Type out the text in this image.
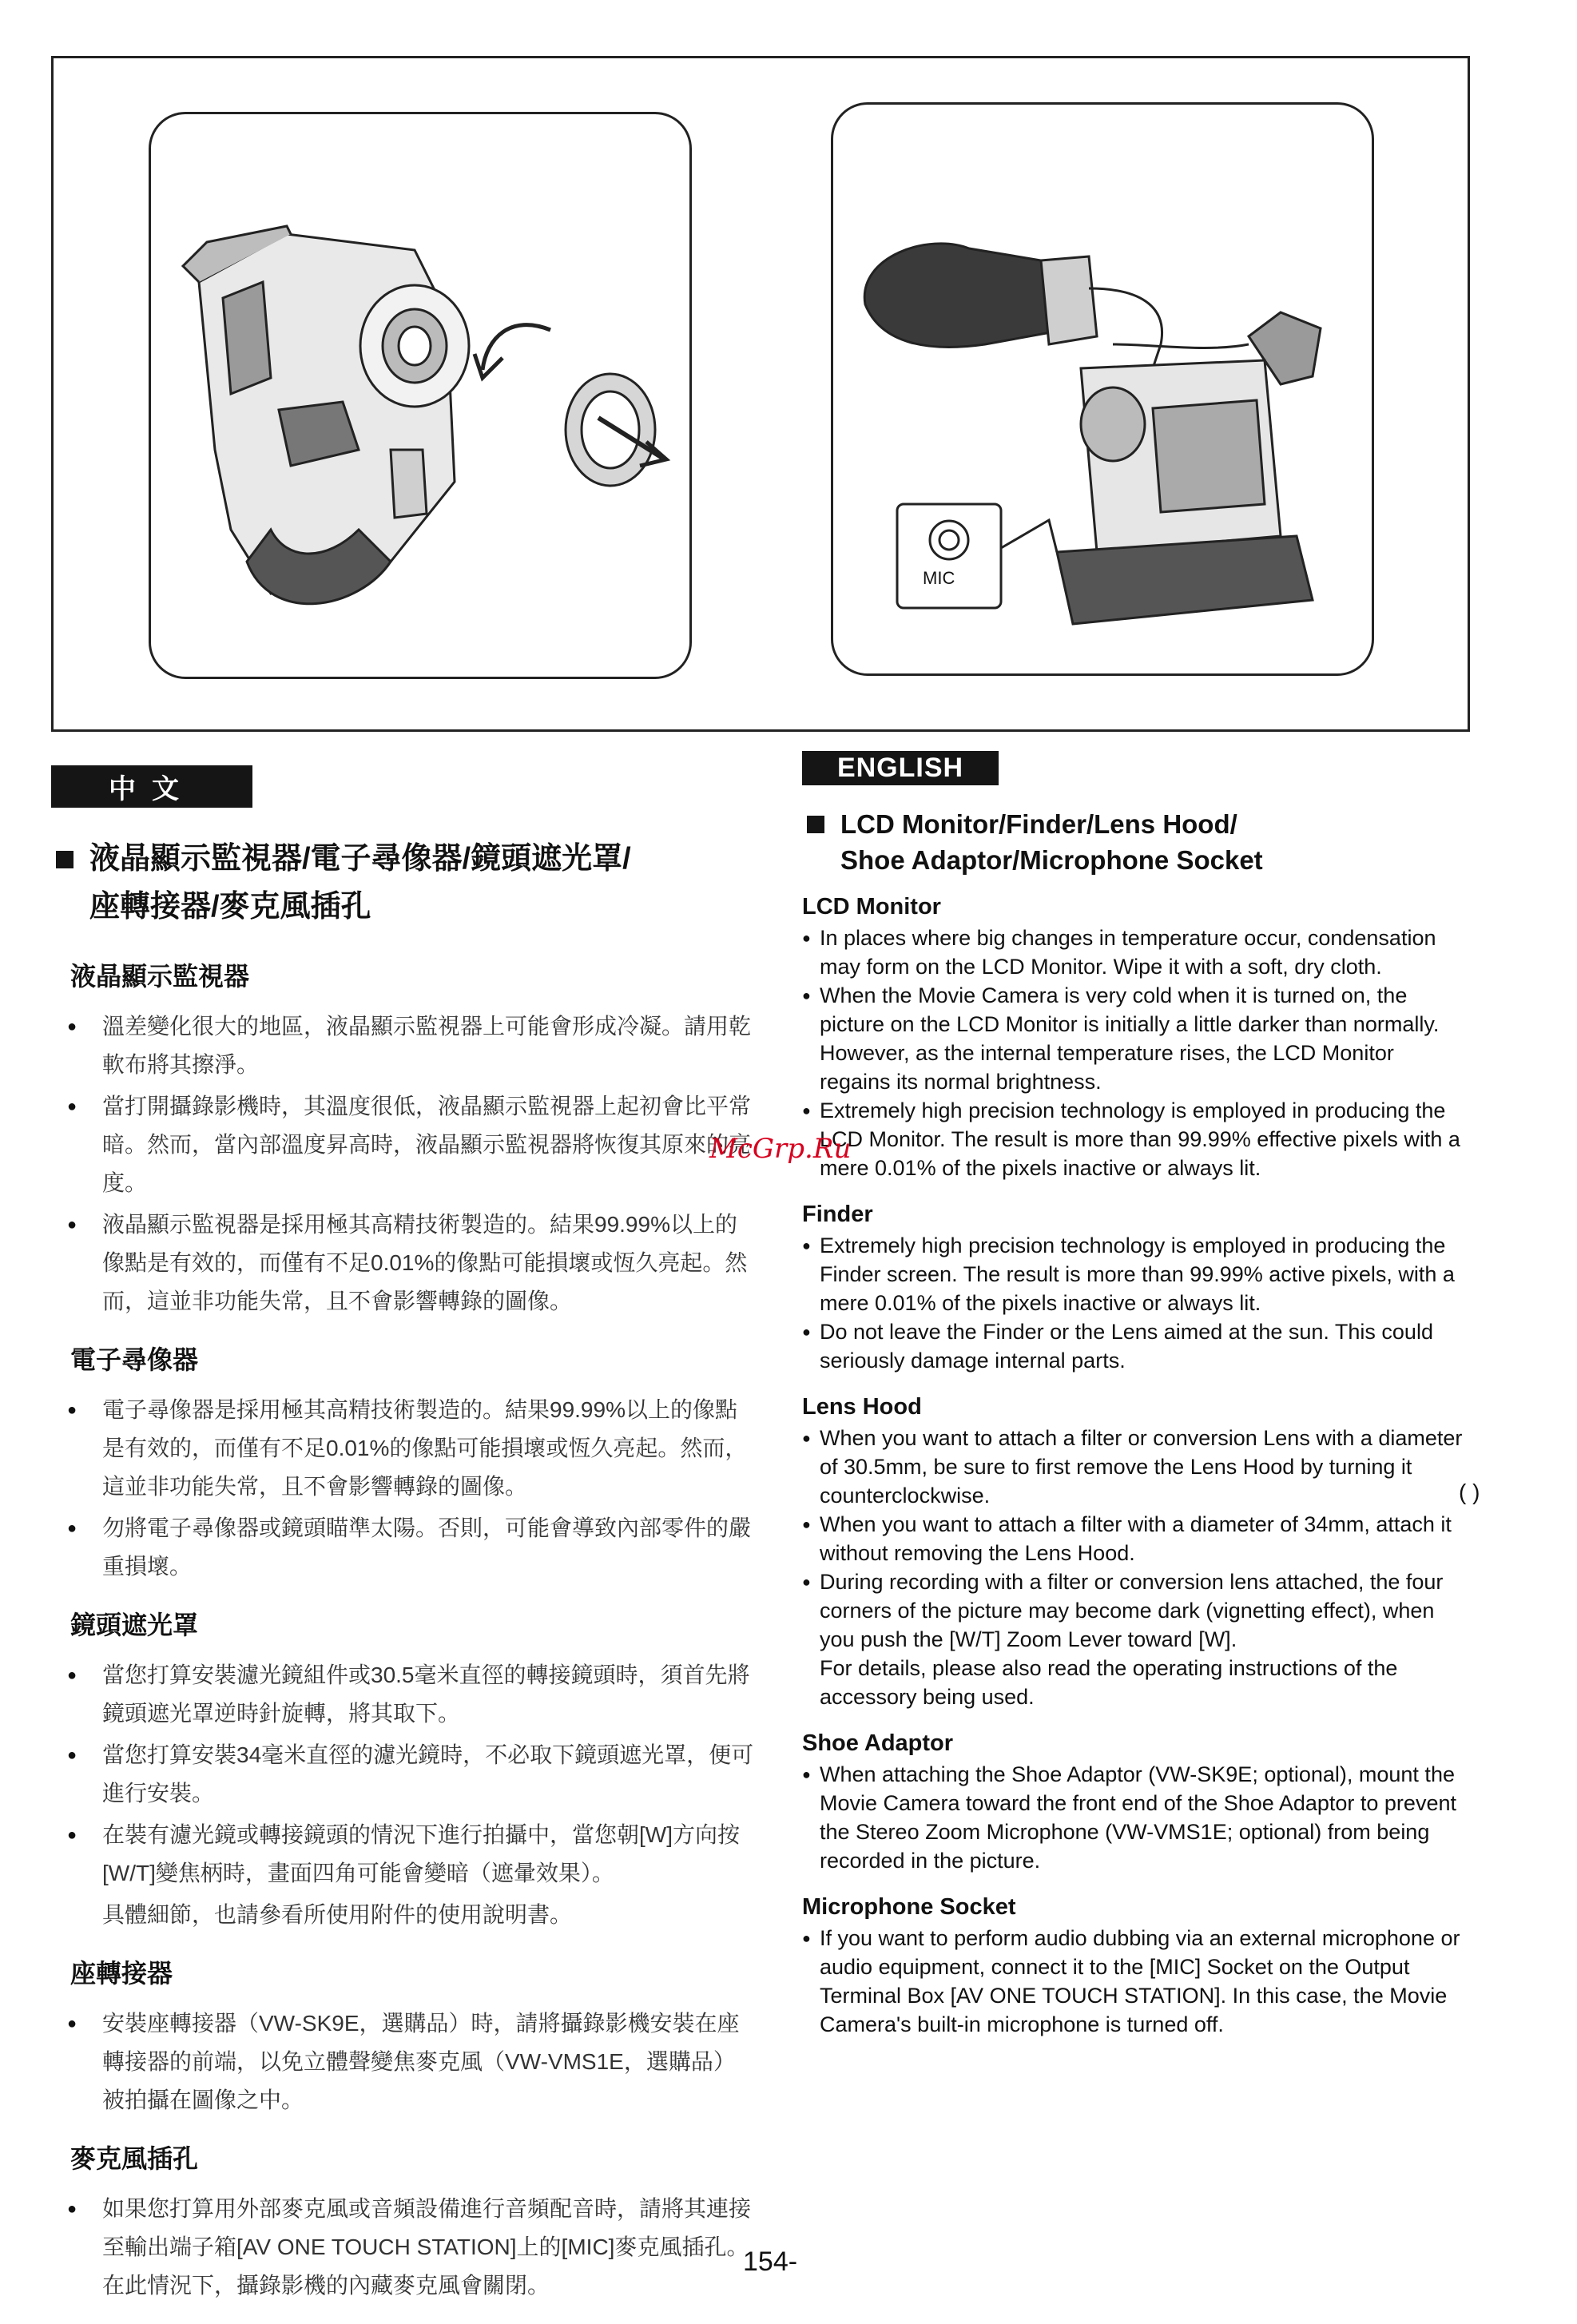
MIC
中文
液晶顯示監視器/電子尋像器/鏡頭遮光罩/
座轉接器/麥克風插孔
液晶顯示監視器
● 溫差變化很大的地區，液晶顯示監視器上可能會形成冷凝。請用乾軟布將其擦淨。
● 當打開攝錄影機時，其溫度很低，液晶顯示監視器上起初會比平常暗。然而，當內部溫度昇高時，液晶顯示監視器將恢復其原來的亮度。
● 液晶顯示監視器是採用極其高精技術製造的。結果99.99%以上的像點是有效的，而僅有不足0.01%的像點可能損壞或恆久亮起。然而，這並非功能失常，且不會影響轉錄的圖像。
電子尋像器
● 電子尋像器是採用極其高精技術製造的。結果99.99%以上的像點是有效的，而僅有不足0.01%的像點可能損壞或恆久亮起。然而，這並非功能失常，且不會影響轉錄的圖像。
● 勿將電子尋像器或鏡頭瞄準太陽。否則，可能會導致內部零件的嚴重損壞。
鏡頭遮光罩
● 當您打算安裝濾光鏡組件或30.5毫米直徑的轉接鏡頭時，須首先將鏡頭遮光罩逆時針旋轉，將其取下。
● 當您打算安裝34毫米直徑的濾光鏡時，不必取下鏡頭遮光罩，便可進行安裝。
● 在裝有濾光鏡或轉接鏡頭的情況下進行拍攝中，當您朝[W]方向按[W/T]變焦柄時，畫面四角可能會變暗（遮暈效果）。
具體細節，也請參看所使用附件的使用說明書。
座轉接器
● 安裝座轉接器（VW-SK9E，選購品）時，請將攝錄影機安裝在座轉接器的前端，以免立體聲變焦麥克風（VW-VMS1E，選購品）被拍攝在圖像之中。
麥克風插孔
● 如果您打算用外部麥克風或音頻設備進行音頻配音時，請將其連接至輸出端子箱[AV ONE TOUCH STATION]上的[MIC]麥克風插孔。在此情況下，攝錄影機的內藏麥克風會關閉。
ENGLISH
LCD Monitor/Finder/Lens Hood/
Shoe Adaptor/Microphone Socket
LCD Monitor
● In places where big changes in temperature occur, condensation may form on the LCD Monitor. Wipe it with a soft, dry cloth.
● When the Movie Camera is very cold when it is turned on, the picture on the LCD Monitor is initially a little darker than normally. However, as the internal temperature rises, the LCD Monitor regains its normal brightness.
● Extremely high precision technology is employed in producing the LCD Monitor. The result is more than 99.99% effective pixels with a mere 0.01% of the pixels inactive or always lit.
Finder
● Extremely high precision technology is employed in producing the Finder screen. The result is more than 99.99% active pixels, with a mere 0.01% of the pixels inactive or always lit.
● Do not leave the Finder or the Lens aimed at the sun. This could seriously damage internal parts.
Lens Hood
● When you want to attach a filter or conversion Lens with a diameter of 30.5mm, be sure to first remove the Lens Hood by turning it counterclockwise.
● When you want to attach a filter with a diameter of 34mm, attach it without removing the Lens Hood.
● During recording with a filter or conversion lens attached, the four corners of the picture may become dark (vignetting effect), when you push the [W/T] Zoom Lever toward [W].
For details, please also read the operating instructions of the accessory being used.
Shoe Adaptor
● When attaching the Shoe Adaptor (VW-SK9E; optional), mount the Movie Camera toward the front end of the Shoe Adaptor to prevent the Stereo Zoom Microphone (VW-VMS1E; optional) from being recorded in the picture.
Microphone Socket
● If you want to perform audio dubbing via an external microphone or audio equipment, connect it to the [MIC] Socket on the Output Terminal Box [AV ONE TOUCH STATION]. In this case, the Movie Camera's built-in microphone is turned off.
McGrp.Ru
( )
154-
